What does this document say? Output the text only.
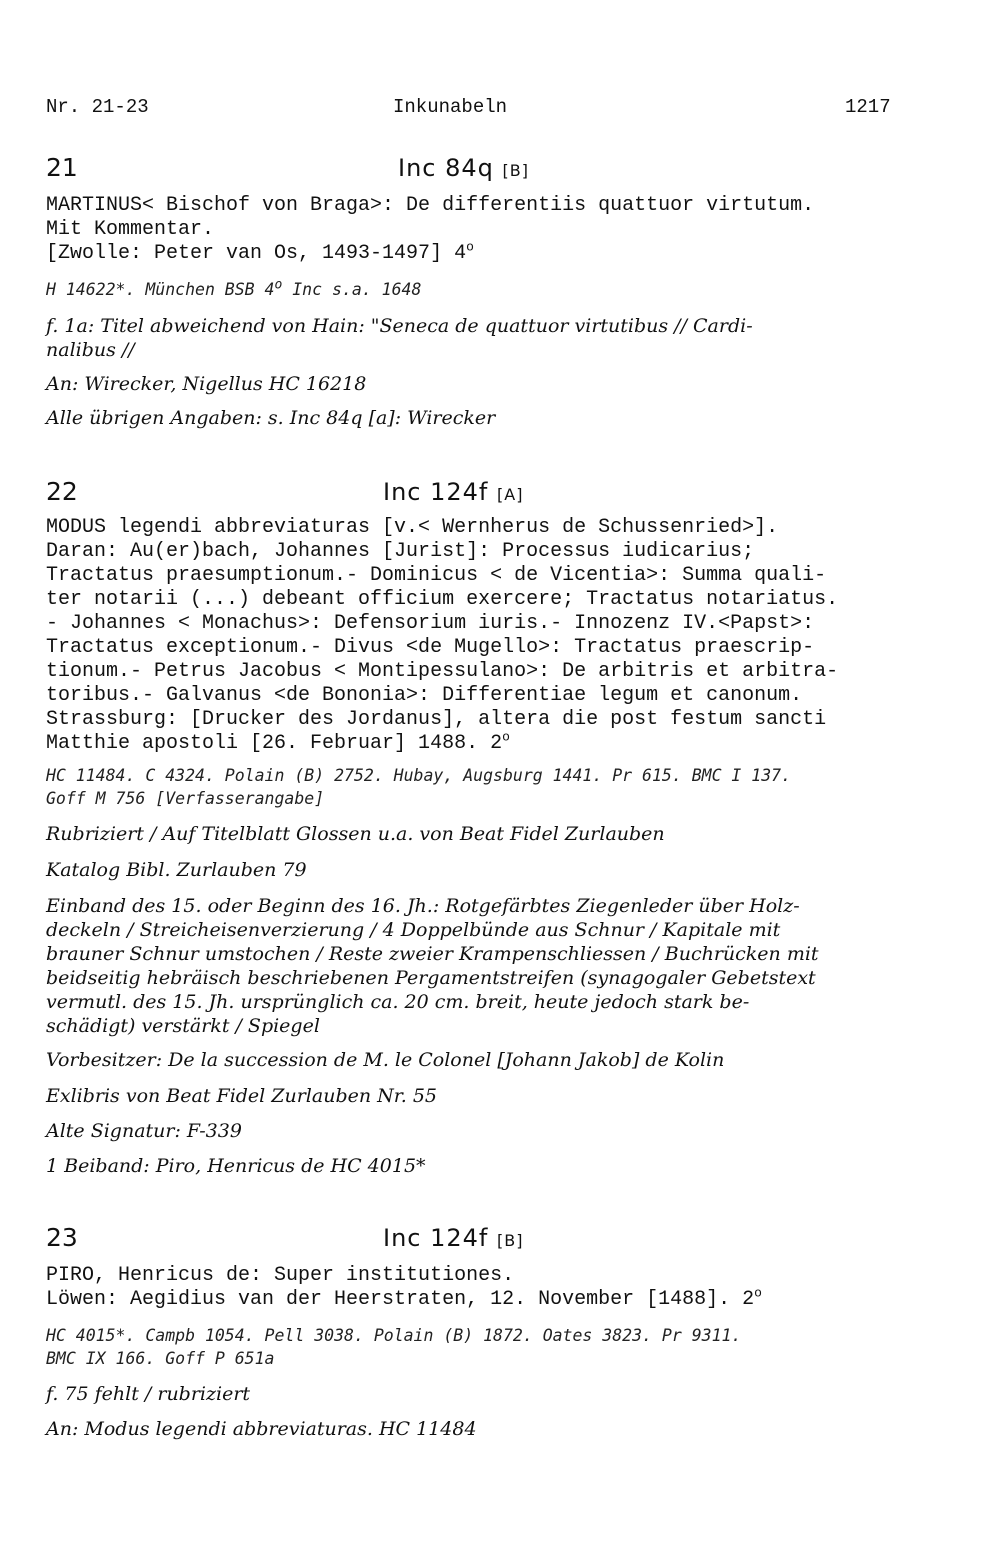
Nr. 21-23	Inkunabeln	1217
21	Inc 84q [B]

MARTINUS< Bischof von Braga>: De differentiis quattuor virtutum.

Mit Kommentar.

[Zwolle: Peter van Os, 1493-1497] 4$^o$

H 14622*. München BSB 4$^o$ Inc s.a. 1648

f. 1a: Titel abweichend von Hain: "Seneca de quattuor virtutibus // Cardi-

nalibus //

An: Wirecker, Nigellus HC 16218

Alle übrigen Angaben: s. Inc 84q [a]: Wirecker

22	Inc 124f [A]

MODUS legendi abbreviaturas [v.< Wernherus de Schussenried>].

Daran: Au(er)bach, Johannes [Jurist]: Processus iudicarius;

Tractatus praesumptionum.- Dominicus < de Vicentia>: Summa quali-

ter notarii (...) debeant officium exercere; Tractatus notariatus.

- Johannes < Monachus>: Defensorium iuris.- Innozenz IV.<Papst>:

Tractatus exceptionum.- Divus <de Mugello>: Tractatus praescrip-

tionum.- Petrus Jacobus < Montipessulano>: De arbitris et arbitra-

toribus.- Galvanus <de Bononia>: Differentiae legum et canonum.

Strassburg: [Drucker des Jordanus], altera die post festum sancti

Matthie apostoli [26. Februar] 1488. 2$^o$

HC 11484. C 4324. Polain (B) 2752. Hubay, Augsburg 1441. Pr 615. BMC I 137.

Goff M 756 [Verfasserangabe]

Rubriziert / Auf Titelblatt Glossen u.a. von Beat Fidel Zurlauben

Katalog Bibl. Zurlauben 79

Einband des 15. oder Beginn des 16. Jh.: Rotgefärbtes Ziegenleder über Holz-

deckeln / Streicheisenverzierung / 4 Doppelbünde aus Schnur / Kapitale mit

brauner Schnur umstochen / Reste zweier Krampenschliessen / Buchrücken mit

beidseitig hebräisch beschriebenen Pergamentstreifen (synagogaler Gebetstext

vermutl. des 15. Jh. ursprünglich ca. 20 cm. breit, heute jedoch stark be-

schädigt) verstärkt / Spiegel

Vorbesitzer: De la succession de M. le Colonel [Johann Jakob] de Kolin

Exlibris von Beat Fidel Zurlauben Nr. 55

Alte Signatur: F-339

1 Beiband: Piro, Henricus de HC 4015*

23	Inc 124f [B]

PIRO, Henricus de: Super institutiones.

Löwen: Aegidius van der Heerstraten, 12. November [1488]. 2$^o$

HC 4015*. Campb 1054. Pell 3038. Polain (B) 1872. Oates 3823. Pr 9311.

BMC IX 166. Goff P 651a

f. 75 fehlt / rubriziert

An: Modus legendi abbreviaturas. HC 11484
